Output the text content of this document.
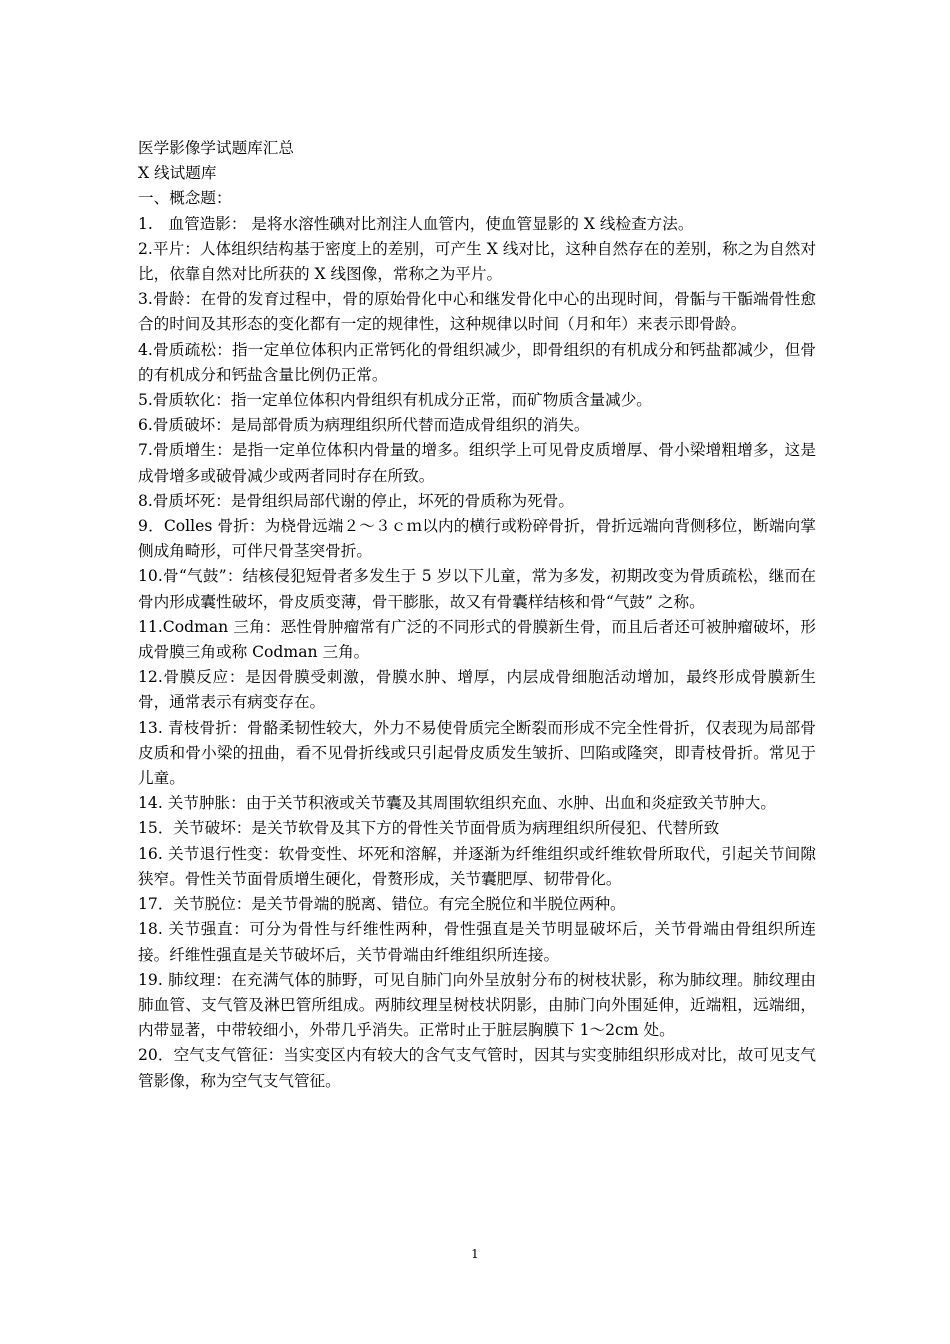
医学影像学试题库汇总

X 线试题库

一、概念题：

1.　血管造影： 是将水溶性碘对比剂注人血管内，使血管显影的 X 线检查方法。

2.平片：人体组织结构基于密度上的差别，可产生 X 线对比，这种自然存在的差别，称之为自然对比，依靠自然对比所获的 X 线图像，常称之为平片。

3.骨龄：在骨的发育过程中，骨的原始骨化中心和继发骨化中心的出现时间，骨骺与干骺端骨性愈合的时间及其形态的变化都有一定的规律性，这种规律以时间（月和年）来表示即骨龄。

4.骨质疏松：指一定单位体积内正常钙化的骨组织减少，即骨组织的有机成分和钙盐都减少，但骨的有机成分和钙盐含量比例仍正常。

5.骨质软化：指一定单位体积内骨组织有机成分正常，而矿物质含量减少。

6.骨质破坏：是局部骨质为病理组织所代替而造成骨组织的消失。

7.骨质增生：是指一定单位体积内骨量的增多。组织学上可见骨皮质增厚、骨小梁增粗增多，这是成骨增多或破骨减少或两者同时存在所致。

8.骨质坏死：是骨组织局部代谢的停止，坏死的骨质称为死骨。

9．Colles 骨折：为桡骨远端２～３ｃｍ以内的横行或粉碎骨折，骨折远端向背侧移位，断端向掌侧成角畸形，可伴尺骨茎突骨折。

10.骨“气鼓”：结核侵犯短骨者多发生于 5 岁以下儿童，常为多发，初期改变为骨质疏松，继而在骨内形成囊性破坏，骨皮质变薄，骨干膨胀，故又有骨囊样结核和骨“气鼓” 之称。

11.Codman 三角：恶性骨肿瘤常有广泛的不同形式的骨膜新生骨，而且后者还可被肿瘤破坏，形成骨膜三角或称 Codman 三角。

12.骨膜反应：是因骨膜受刺激，骨膜水肿、增厚，内层成骨细胞活动增加，最终形成骨膜新生骨，通常表示有病变存在。

13. 青枝骨折：骨骼柔韧性较大，外力不易使骨质完全断裂而形成不完全性骨折，仅表现为局部骨皮质和骨小梁的扭曲，看不见骨折线或只引起骨皮质发生皱折、凹陷或隆突，即青枝骨折。常见于儿童。

14. 关节肿胀：由于关节积液或关节囊及其周围软组织充血、水肿、出血和炎症致关节肿大。

15．关节破坏：是关节软骨及其下方的骨性关节面骨质为病理组织所侵犯、代替所致

16. 关节退行性变：软骨变性、坏死和溶解，并逐渐为纤维组织或纤维软骨所取代，引起关节间隙狭窄。骨性关节面骨质增生硬化，骨赘形成，关节囊肥厚、韧带骨化。

17．关节脱位：是关节骨端的脱离、错位。有完全脱位和半脱位两种。

18. 关节强直：可分为骨性与纤维性两种，骨性强直是关节明显破坏后，关节骨端由骨组织所连接。纤维性强直是关节破坏后，关节骨端由纤维组织所连接。

19. 肺纹理：在充满气体的肺野，可见自肺门向外呈放射分布的树枝状影，称为肺纹理。肺纹理由肺血管、支气管及淋巴管所组成。两肺纹理呈树枝状阴影，由肺门向外围延伸，近端粗，远端细，内带显著，中带较细小，外带几乎消失。正常时止于脏层胸膜下 1～2cm 处。

20．空气支气管征：当实变区内有较大的含气支气管时，因其与实变肺组织形成对比，故可见支气管影像，称为空气支气管征。

1
